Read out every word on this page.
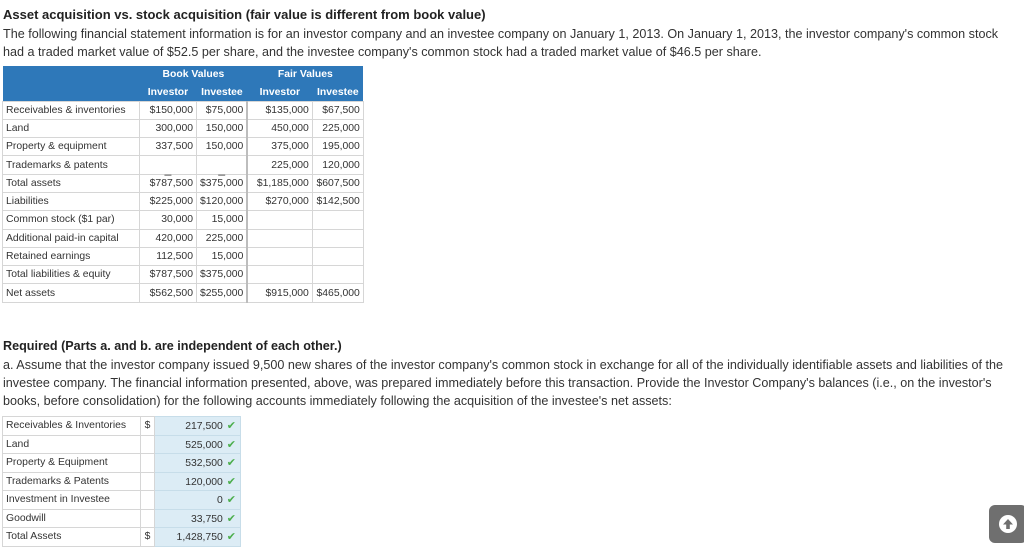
Asset acquisition vs. stock acquisition (fair value is different from book value)
The following financial statement information is for an investor company and an investee company on January 1, 2013. On January 1, 2013, the investor company's common stock had a traded market value of $52.5 per share, and the investee company's common stock had a traded market value of $46.5 per share.
	Book Values		Fair Values	
	Investor	Investee	Investor	Investee
Receivables & inventories	$150,000	$75,000	$135,000	$67,500
Land	300,000	150,000	450,000	225,000
Property & equipment	337,500	150,000	375,000	195,000
Trademarks & patents	_	_	225,000	120,000
Total assets	$787,500	$375,000	$1,185,000	$607,500
Liabilities	$225,000	$120,000	$270,000	$142,500
Common stock ($1 par)	30,000	15,000		
Additional paid-in capital	420,000	225,000		
Retained earnings	112,500	15,000		
Total liabilities & equity	$787,500	$375,000		
Net assets	$562,500	$255,000	$915,000	$465,000
Required (Parts a. and b. are independent of each other.)
a. Assume that the investor company issued 9,500 new shares of the investor company's common stock in exchange for all of the individually identifiable assets and liabilities of the investee company. The financial information presented, above, was prepared immediately before this transaction. Provide the Investor Company's balances (i.e., on the investor's books, before consolidation) for the following accounts immediately following the acquisition of the investee's net assets:
Receivables & Inventories	$	217,500 ✔
Land		525,000 ✔
Property & Equipment		532,500 ✔
Trademarks & Patents		120,000 ✔
Investment in Investee		0 ✔
Goodwill		33,750 ✔
Total Assets	$	1,428,750 ✔
